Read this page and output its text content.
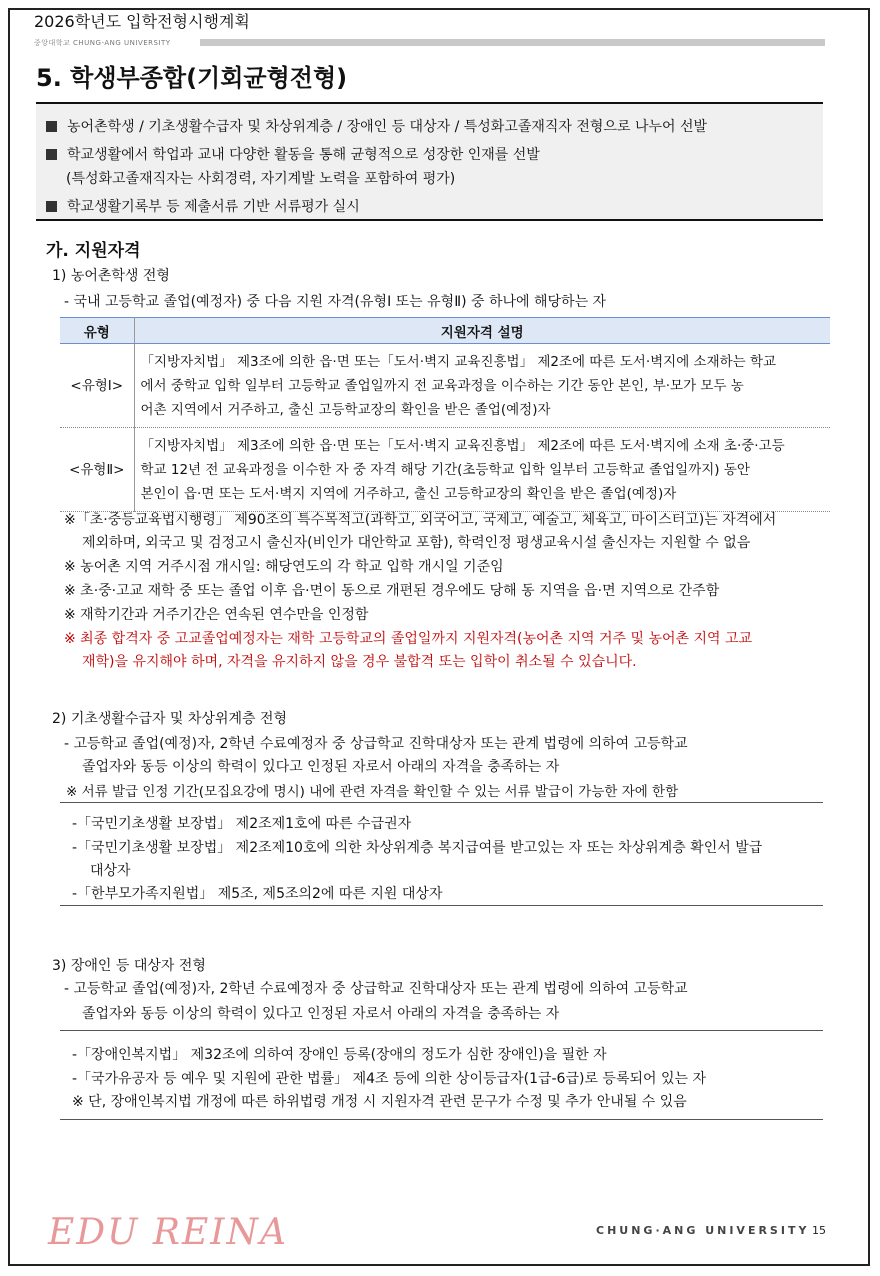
2026학년도 입학전형시행계획
중앙대학교 CHUNG-ANG UNIVERSITY
5. 학생부종합(기회균형전형)
농어촌학생 / 기초생활수급자 및 차상위계층 / 장애인 등 대상자 / 특성화고졸재직자 전형으로 나누어 선발
학교생활에서 학업과 교내 다양한 활동을 통해 균형적으로 성장한 인재를 선발
(특성화고졸재직자는 사회경력, 자기계발 노력을 포함하여 평가)
학교생활기록부 등 제출서류 기반 서류평가 실시
가. 지원자격
1) 농어촌학생 전형
- 국내 고등학교 졸업(예정자) 중 다음 지원 자격(유형Ⅰ 또는 유형Ⅱ) 중 하나에 해당하는 자
유형	지원자격 설명
<유형Ⅰ>	「지방자치법」 제3조에 의한 읍·면 또는「도서·벽지 교육진흥법」 제2조에 따른 도서·벽지에 소재하는 학교
에서 중학교 입학 일부터 고등학교 졸업일까지 전 교육과정을 이수하는 기간 동안 본인, 부·모가 모두 농
어촌 지역에서 거주하고, 출신 고등학교장의 확인을 받은 졸업(예정)자

<유형Ⅱ>	「지방자치법」 제3조에 의한 읍·면 또는「도서·벽지 교육진흥법」 제2조에 따른 도서·벽지에 소재 초·중·고등
학교 12년 전 교육과정을 이수한 자 중 자격 해당 기간(초등학교 입학 일부터 고등학교 졸업일까지) 동안
본인이 읍·면 또는 도서·벽지 지역에 거주하고, 출신 고등학교장의 확인을 받은 졸업(예정)자
※「초·중등교육법시행령」 제90조의 특수목적고(과학고, 외국어고, 국제고, 예술고, 체육고, 마이스터고)는 자격에서
제외하며, 외국고 및 검정고시 출신자(비인가 대안학교 포함), 학력인정 평생교육시설 출신자는 지원할 수 없음
※ 농어촌 지역 거주시점 개시일: 해당연도의 각 학교 입학 개시일 기준임
※ 초·중·고교 재학 중 또는 졸업 이후 읍·면이 동으로 개편된 경우에도 당해 동 지역을 읍·면 지역으로 간주함
※ 재학기간과 거주기간은 연속된 연수만을 인정함
※ 최종 합격자 중 고교졸업예정자는 재학 고등학교의 졸업일까지 지원자격(농어촌 지역 거주 및 농어촌 지역 고교
재학)을 유지해야 하며, 자격을 유지하지 않을 경우 불합격 또는 입학이 취소될 수 있습니다.
2) 기초생활수급자 및 차상위계층 전형
- 고등학교 졸업(예정)자, 2학년 수료예정자 중 상급학교 진학대상자 또는 관계 법령에 의하여 고등학교
졸업자와 동등 이상의 학력이 있다고 인정된 자로서 아래의 자격을 충족하는 자
※ 서류 발급 인정 기간(모집요강에 명시) 내에 관련 자격을 확인할 수 있는 서류 발급이 가능한 자에 한함
-「국민기초생활 보장법」 제2조제1호에 따른 수급권자
-「국민기초생활 보장법」 제2조제10호에 의한 차상위계층 복지급여를 받고있는 자 또는 차상위계층 확인서 발급
대상자
-「한부모가족지원법」 제5조, 제5조의2에 따른 지원 대상자
3) 장애인 등 대상자 전형
- 고등학교 졸업(예정)자, 2학년 수료예정자 중 상급학교 진학대상자 또는 관계 법령에 의하여 고등학교
졸업자와 동등 이상의 학력이 있다고 인정된 자로서 아래의 자격을 충족하는 자
-「장애인복지법」 제32조에 의하여 장애인 등록(장애의 정도가 심한 장애인)을 필한 자
-「국가유공자 등 예우 및 지원에 관한 법률」 제4조 등에 의한 상이등급자(1급-6급)로 등록되어 있는 자
※ 단, 장애인복지법 개정에 따른 하위법령 개정 시 지원자격 관련 문구가 수정 및 추가 안내될 수 있음
EDU REINA	CHUNG·ANG UNIVERSITY 15
